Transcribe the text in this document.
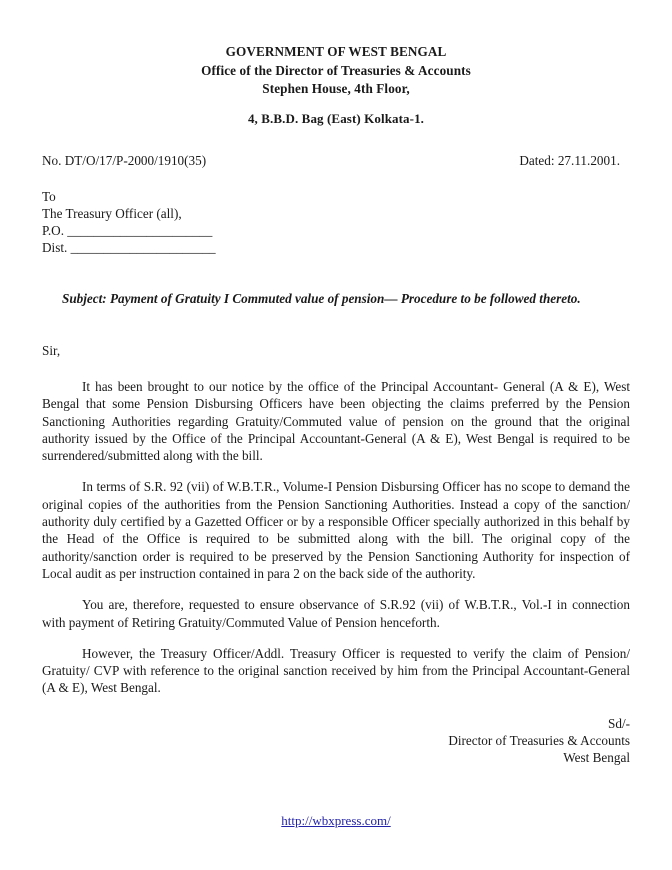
GOVERNMENT OF WEST BENGAL
Office of the Director of Treasuries & Accounts
Stephen House, 4th Floor,
4, B.B.D. Bag (East) Kolkata-1.
No. DT/O/17/P-2000/1910(35)	Dated: 27.11.2001.
To
The Treasury Officer (all),
P.O. ______________________
Dist. ______________________
Subject: Payment of Gratuity I Commuted value of pension— Procedure to be followed thereto.
Sir,

It has been brought to our notice by the office of the Principal Accountant- General (A & E), West Bengal that some Pension Disbursing Officers have been objecting the claims preferred by the Pension Sanctioning Authorities regarding Gratuity/Commuted value of pension on the ground that the original authority issued by the Office of the Principal Accountant-General (A & E), West Bengal is required to be surrendered/submitted along with the bill.

In terms of S.R. 92 (vii) of W.B.T.R., Volume-I Pension Disbursing Officer has no scope to demand the original copies of the authorities from the Pension Sanctioning Authorities. Instead a copy of the sanction/ authority duly certified by a Gazetted Officer or by a responsible Officer specially authorized in this behalf by the Head of the Office is required to be submitted along with the bill. The original copy of the authority/sanction order is required to be preserved by the Pension Sanctioning Authority for inspection of Local audit as per instruction contained in para 2 on the back side of the authority.

You are, therefore, requested to ensure observance of S.R.92 (vii) of W.B.T.R., Vol.-I in connection with payment of Retiring Gratuity/Commuted Value of Pension henceforth.

However, the Treasury Officer/Addl. Treasury Officer is requested to verify the claim of Pension/ Gratuity/ CVP with reference to the original sanction received by him from the Principal Accountant-General (A & E), West Bengal.

Sd/-
Director of Treasuries & Accounts
West Bengal
http://wbxpress.com/
